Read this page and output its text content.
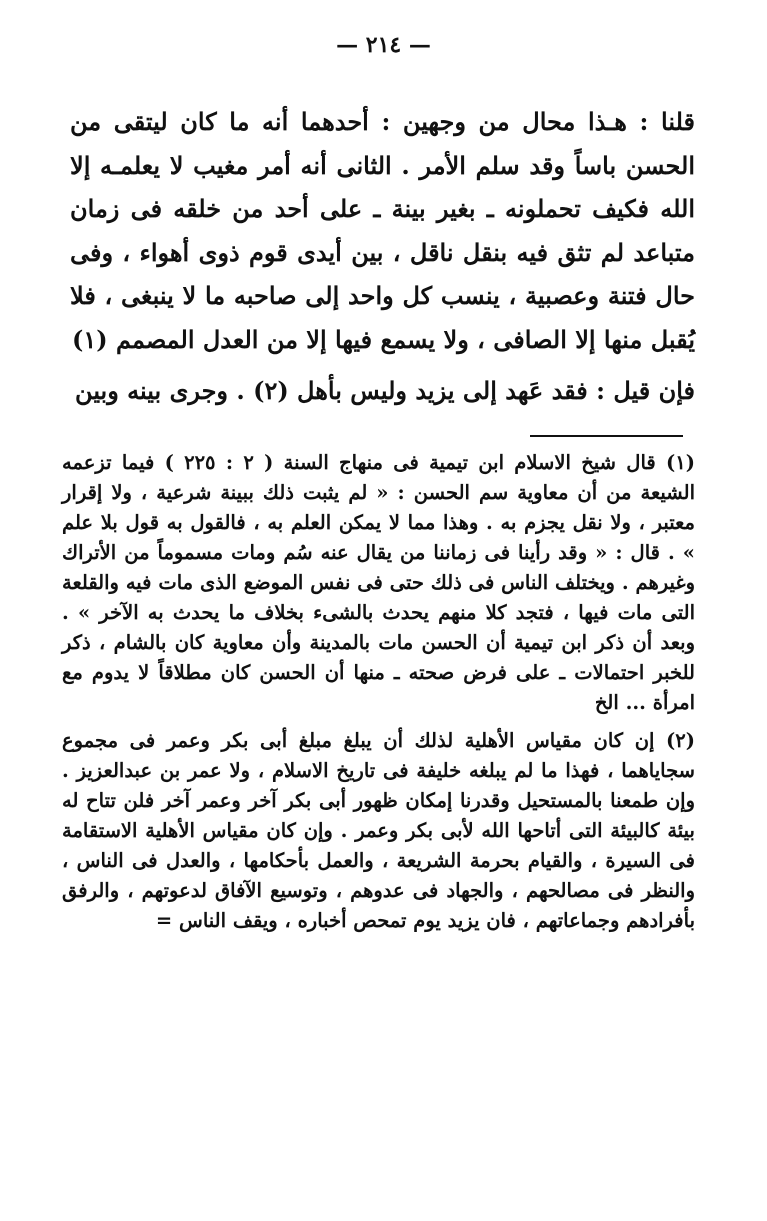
— ٢١٤ —

قلنا : هـذا محال من وجهين : أحدهما أنه ما كان ليتقى من الحسن باساً وقد سلم الأمر . الثانى أنه أمر مغيب لا يعلمـه إلا الله فكيف تحملونه ـ بغير بينة ـ على أحد من خلقه فى زمان متباعد لم تثق فيه بنقل ناقل ، بين أيدى قوم ذوى أهواء ، وفى حال فتنة وعصبية ، ينسب كل واحد إلى صاحبه ما لا ينبغى ، فلا يُقبل منها إلا الصافى ، ولا يسمع فيها إلا من العدل المصمم (١)

فإن قيل : فقد عَهد إلى يزيد وليس بأهل (٢) . وجرى بينه وبين

(١) قال شيخ الاسلام ابن تيمية فى منهاج السنة ( ٢ : ٢٢٥ ) فيما تزعمه الشيعة من أن معاوية سم الحسن : « لم يثبت ذلك ببينة شرعية ، ولا إقرار معتبر ، ولا نقل يجزم به . وهذا مما لا يمكن العلم به ، فالقول به قول بلا علم » . قال : « وقد رأينا فى زماننا من يقال عنه سُم ومات مسموماً من الأتراك وغيرهم . ويختلف الناس فى ذلك حتى فى نفس الموضع الذى مات فيه والقلعة التى مات فيها ، فتجد كلا منهم يحدث بالشىء بخلاف ما يحدث به الآخر » . وبعد أن ذكر ابن تيمية أن الحسن مات بالمدينة وأن معاوية كان بالشام ، ذكر للخبر احتمالات ـ على فرض صحته ـ منها أن الحسن كان مطلاقاً لا يدوم مع امرأة ... الخ

(٢) إن كان مقياس الأهلية لذلك أن يبلغ مبلغ أبى بكر وعمر فى مجموع سجاياهما ، فهذا ما لم يبلغه خليفة فى تاريخ الاسلام ، ولا عمر بن عبدالعزيز . وإن طمعنا بالمستحيل وقدرنا إمكان ظهور أبى بكر آخر وعمر آخر فلن تتاح له بيئة كالبيئة التى أتاحها الله لأبى بكر وعمر . وإن كان مقياس الأهلية الاستقامة فى السيرة ، والقيام بحرمة الشريعة ، والعمل بأحكامها ، والعدل فى الناس ، والنظر فى مصالحهم ، والجهاد فى عدوهم ، وتوسيع الآفاق لدعوتهم ، والرفق بأفرادهم وجماعاتهم ، فان يزيد يوم تمحص أخباره ، ويقف الناس =
